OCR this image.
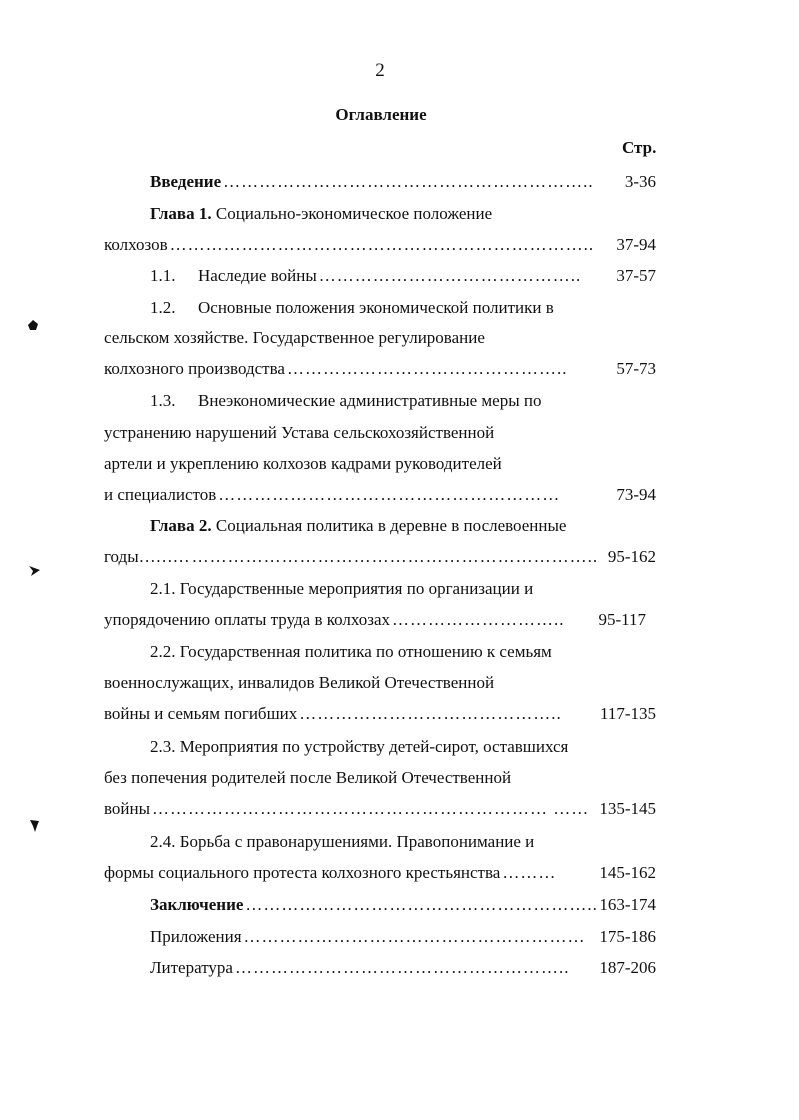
2
Оглавление
Стр.
Введение ……………………………………………………..	3-36
Глава 1. Социально-экономическое положение
колхозов ……………………………………………………………..	37-94
1.1.	Наследие войны ……………………………………..	37-57
1.2. Основные положения экономической политики в
сельском хозяйстве. Государственное регулирование
колхозного производства ………………………………………..	57-73
1.3. Внеэкономические административные меры по
устранению нарушений Устава сельскохозяйственной
артели и укреплению колхозов кадрами руководителей
и специалистов …………………………………………………	73-94
Глава 2. Социальная политика в деревне в послевоенные
годы……… ………………………………………………………….. 95-162
2.1. Государственные мероприятия по организации и
упорядочению оплаты труда в колхозах ………………………..	95-117
2.2. Государственная политика по отношению к семьям
военнослужащих, инвалидов Великой Отечественной
войны и семьям погибших ……………………………………..	117-135
2.3. Мероприятия по устройству детей-сирот, оставшихся
без попечения родителей после Великой Отечественной
войны ………………………………………………………… …… 135-145
2.4. Борьба с правонарушениями. Правопонимание и
формы социального протеста колхозного крестьянства ………	145-162
Заключение ………………………………………………….. 163-174
Приложения ………………………………………………… 175-186
Литература ………………………………………………..	187-206
